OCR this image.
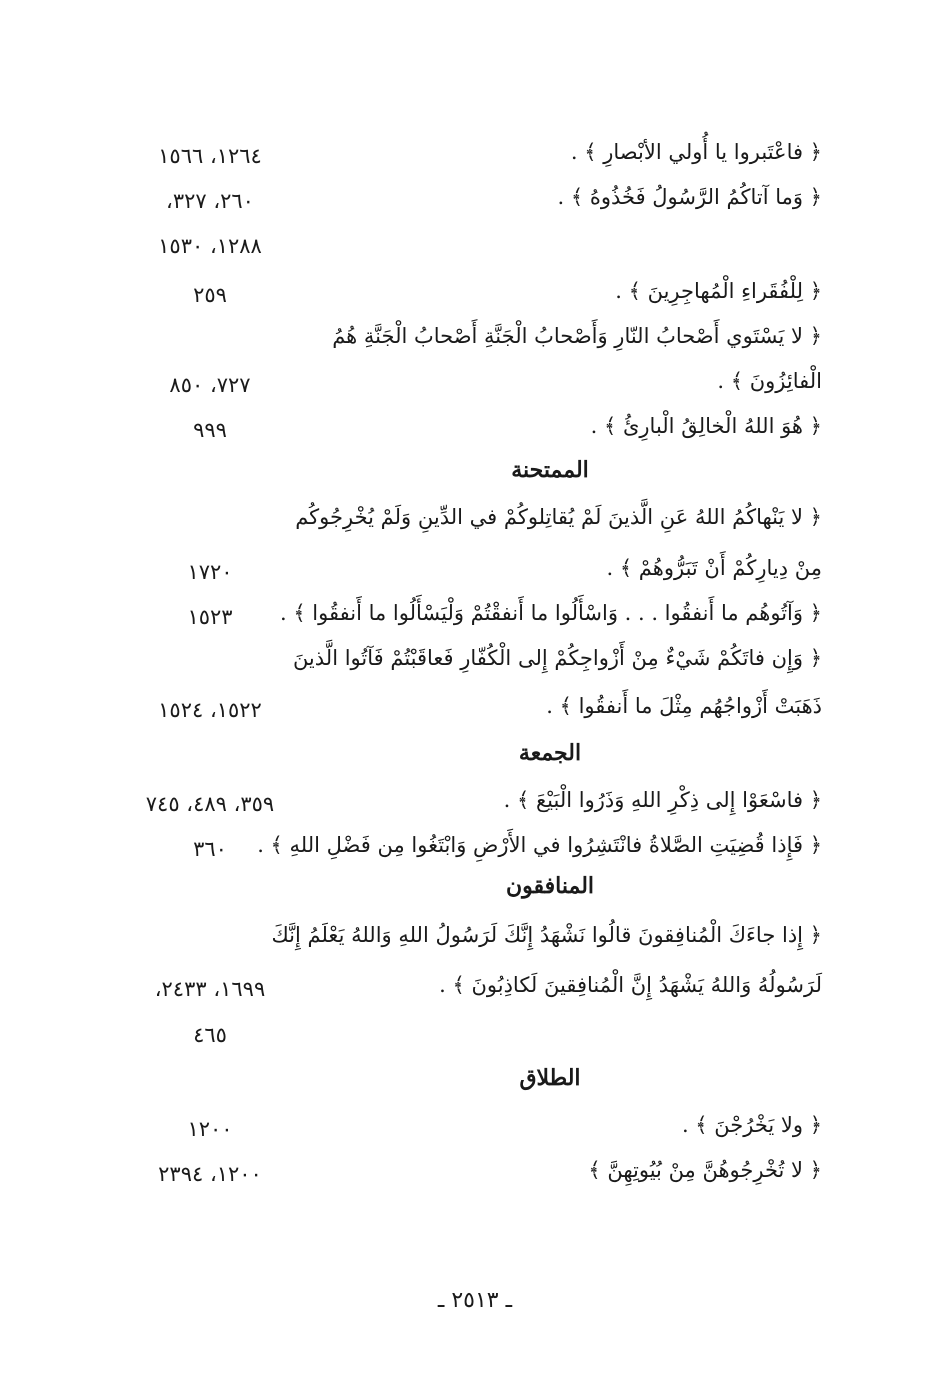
﴿ فاعْتَبروا يا أُولي الأبْصارِ ﴾ .
١٢٦٤، ١٥٦٦
﴿ وَما آتاكُمُ الرَّسُولُ فَخُذُوهُ ﴾ .
٢٦٠، ٣٢٧،
١٢٨٨، ١٥٣٠
﴿ لِلْفُقَراءِ الْمُهاجِرِينَ ﴾ .
٢٥٩
﴿ لا يَسْتَوي أَصْحابُ النّارِ وَأَصْحابُ الْجَنَّةِ أَصْحابُ الْجَنَّةِ هُمُ
الْفائِزُونَ ﴾ .
٧٢٧، ٨٥٠
﴿ هُوَ اللهُ الْخالِقُ الْبارِئُ ﴾ .
٩٩٩
الممتحنة
﴿ لا يَنْهاكُمُ اللهُ عَنِ الَّذينَ لَمْ يُقاتِلوكُمْ في الدِّينِ وَلَمْ يُخْرِجُوكُم
مِنْ دِيارِكُمْ أَنْ تَبَرُّوهُمْ ﴾ .
١٧٢٠
﴿ وَآتُوهُم ما أَنفقُوا . . . وَاسْأَلُوا ما أَنفقْتُمْ وَلْيَسْأَلُوا ما أَنفقُوا ﴾ .
١٥٢٣
﴿ وَإِن فاتَكُمْ شَيْءٌ مِنْ أَزْواجِكُمْ إِلى الْكُفّارِ فَعاقَبْتُمْ فَآتُوا الَّذينَ
ذَهَبَتْ أَزْواجُهُم مِثْلَ ما أَنفقُوا ﴾ .
١٥٢٢، ١٥٢٤
الجمعة
﴿ فاسْعَوْا إِلى ذِكْرِ اللهِ وَذَرُوا الْبَيْعَ ﴾ .
٣٥٩، ٤٨٩، ٧٤٥
﴿ فَإِذا قُضِيَتِ الصَّلاةُ فانْتَشِرُوا في الأَرْضِ وَابْتَغُوا مِن فَضْلِ اللهِ ﴾ .
٣٦٠
المنافقون
﴿ إِذا جاءَكَ الْمُنافِقونَ قالُوا نَشْهَدُ إِنَّكَ لَرَسُولُ اللهِ وَاللهُ يَعْلَمُ إِنَّكَ
لَرَسُولُهُ وَاللهُ يَشْهَدُ إِنَّ الْمُنافِقينَ لَكاذِبُونَ ﴾ .
١٦٩٩، ٢٤٣٣،
٤٦٥
الطلاق
﴿ ولا يَخْرُجْنَ ﴾ .
١٢٠٠
﴿ لا تُخْرِجُوهُنَّ مِنْ بُيُوتِهِنَّ ﴾
١٢٠٠، ٢٣٩٤
ـ ٢٥١٣ ـ
